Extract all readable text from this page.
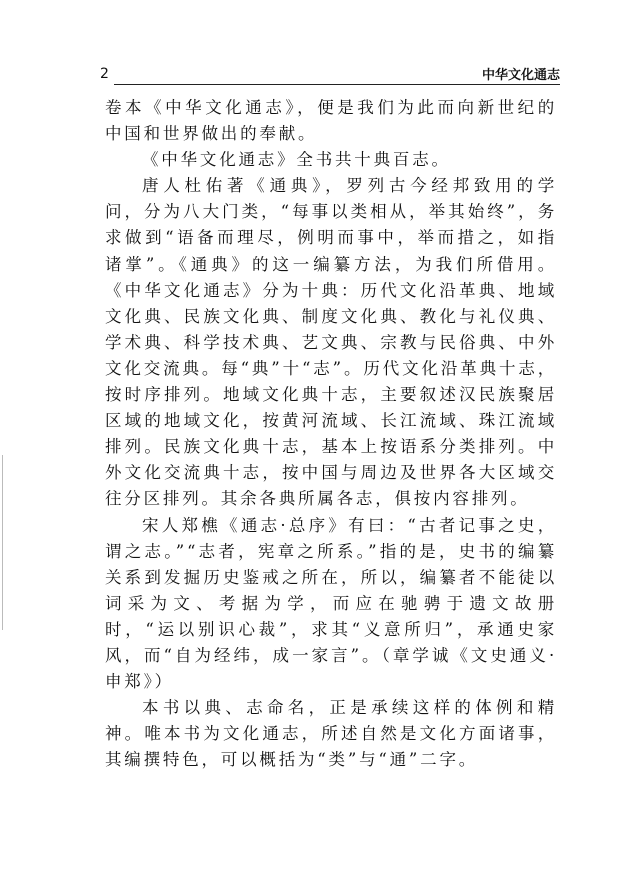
2	中华文化通志

卷本《中华文化通志》，便是我们为此而向新世纪的中国和世界做出的奉献。

《中华文化通志》全书共十典百志。

唐人杜佑著《通典》，罗列古今经邦致用的学问，分为八大门类，“每事以类相从，举其始终”，务求做到“语备而理尽，例明而事中，举而措之，如指诸掌”。《通典》的这一编纂方法，为我们所借用。《中华文化通志》分为十典：历代文化沿革典、地域文化典、民族文化典、制度文化典、教化与礼仪典、学术典、科学技术典、艺文典、宗教与民俗典、中外文化交流典。每“典”十“志”。历代文化沿革典十志，按时序排列。地域文化典十志，主要叙述汉民族聚居区域的地域文化，按黄河流域、长江流域、珠江流域排列。民族文化典十志，基本上按语系分类排列。中外文化交流典十志，按中国与周边及世界各大区域交往分区排列。其余各典所属各志，俱按内容排列。

宋人郑樵《通志·总序》有曰：“古者记事之史，谓之志。”“志者，宪章之所系。”指的是，史书的编纂关系到发掘历史鉴戒之所在，所以，编纂者不能徒以词采为文、考据为学，而应在驰骋于遗文故册时，“运以别识心裁”，求其“义意所归”，承通史家风，而“自为经纬，成一家言”。（章学诚《文史通义·申郑》）

本书以典、志命名，正是承续这样的体例和精神。唯本书为文化通志，所述自然是文化方面诸事，其编撰特色，可以概括为“类”与“通”二字。
